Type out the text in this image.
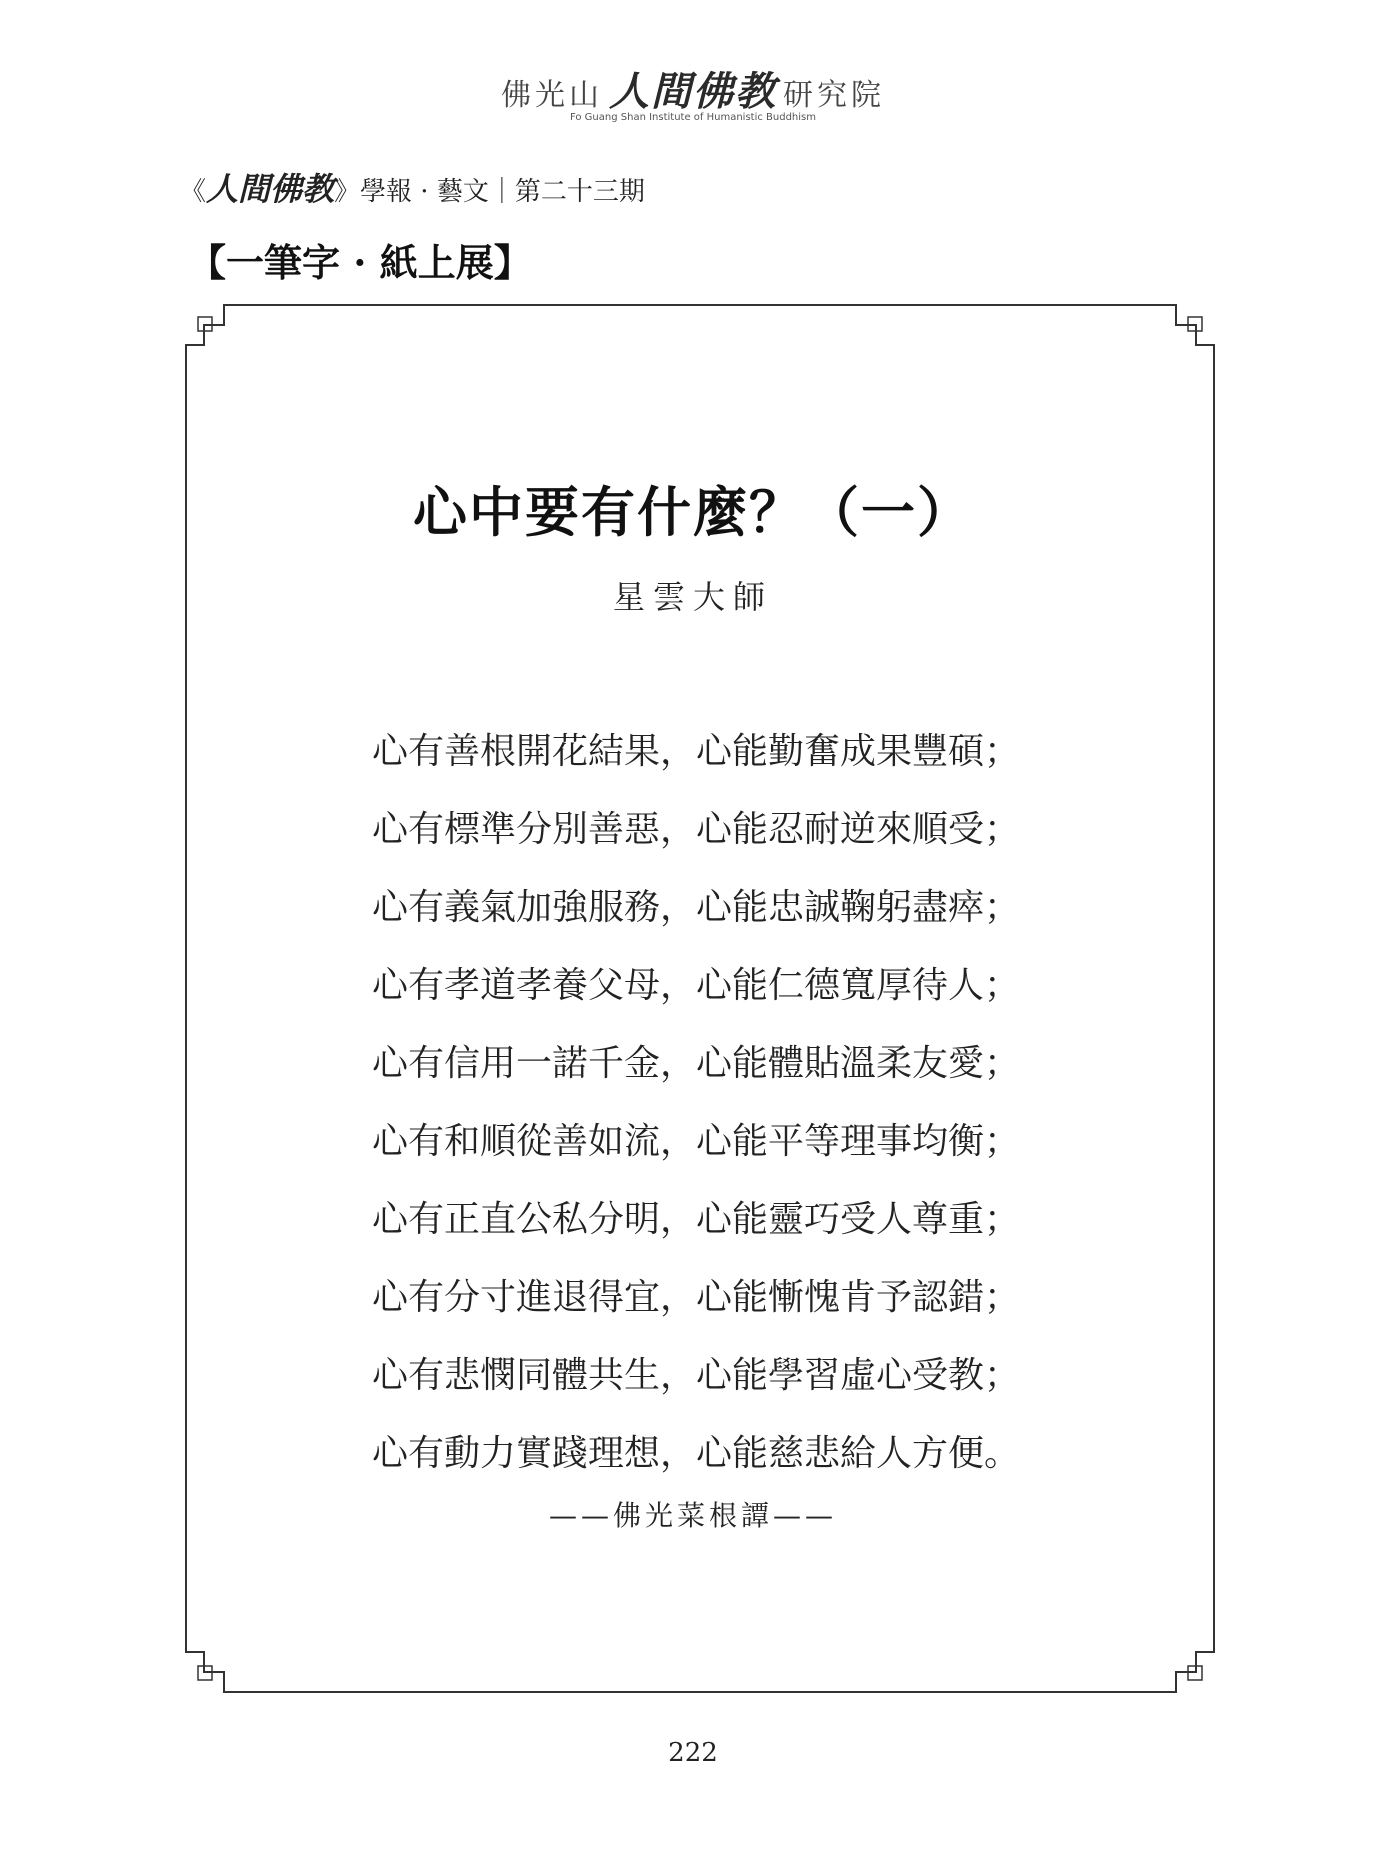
佛光山 人間佛教 研究院
Fo Guang Shan Institute of Humanistic Buddhism
《人間佛教》學報 · 藝文｜第二十三期
【一筆字 · 紙上展】
心中要有什麼？（一）
星雲大師
心有善根開花結果，心能勤奮成果豐碩；
心有標準分別善惡，心能忍耐逆來順受；
心有義氣加強服務，心能忠誠鞠躬盡瘁；
心有孝道孝養父母，心能仁德寬厚待人；
心有信用一諾千金，心能體貼溫柔友愛；
心有和順從善如流，心能平等理事均衡；
心有正直公私分明，心能靈巧受人尊重；
心有分寸進退得宜，心能慚愧肯予認錯；
心有悲憫同體共生，心能學習虛心受教；
心有動力實踐理想，心能慈悲給人方便。
——佛光菜根譚——
222
